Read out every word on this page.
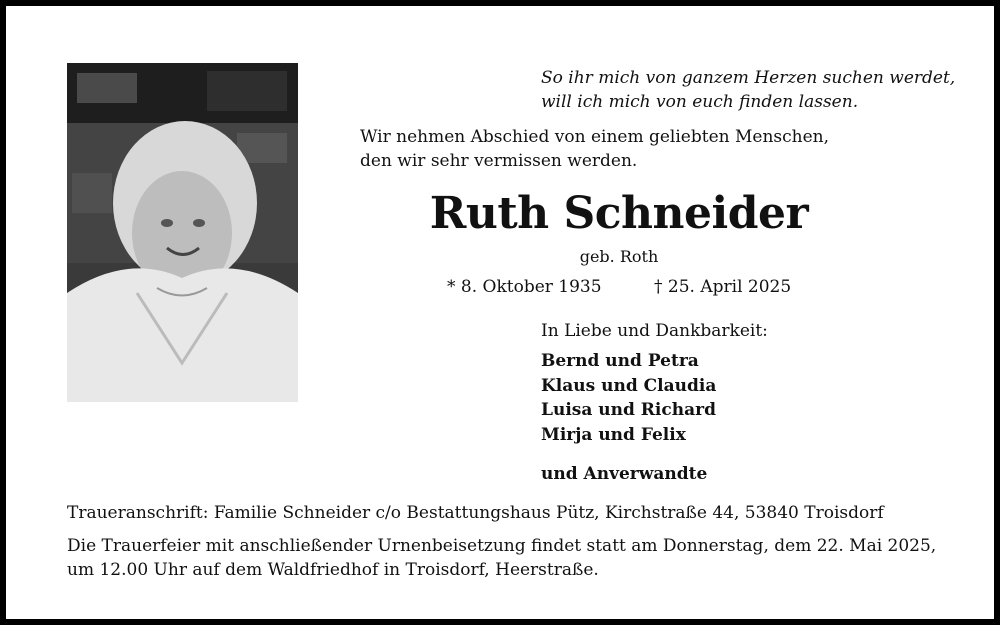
So ihr mich von ganzem Herzen suchen werdet,
will ich mich von euch finden lassen.
Wir nehmen Abschied von einem geliebten Menschen,
den wir sehr vermissen werden.
Ruth Schneider
geb. Roth
* 8. Oktober 1935	† 25. April 2025
In Liebe und Dankbarkeit:
Bernd und Petra
Klaus und Claudia
Luisa und Richard
Mirja und Felix
und Anverwandte
Traueranschrift: Familie Schneider c/o Bestattungshaus Pütz, Kirchstraße 44, 53840 Troisdorf
Die Trauerfeier mit anschließender Urnenbeisetzung findet statt am Donnerstag, dem 22. Mai 2025,
um 12.00 Uhr auf dem Waldfriedhof in Troisdorf, Heerstraße.
